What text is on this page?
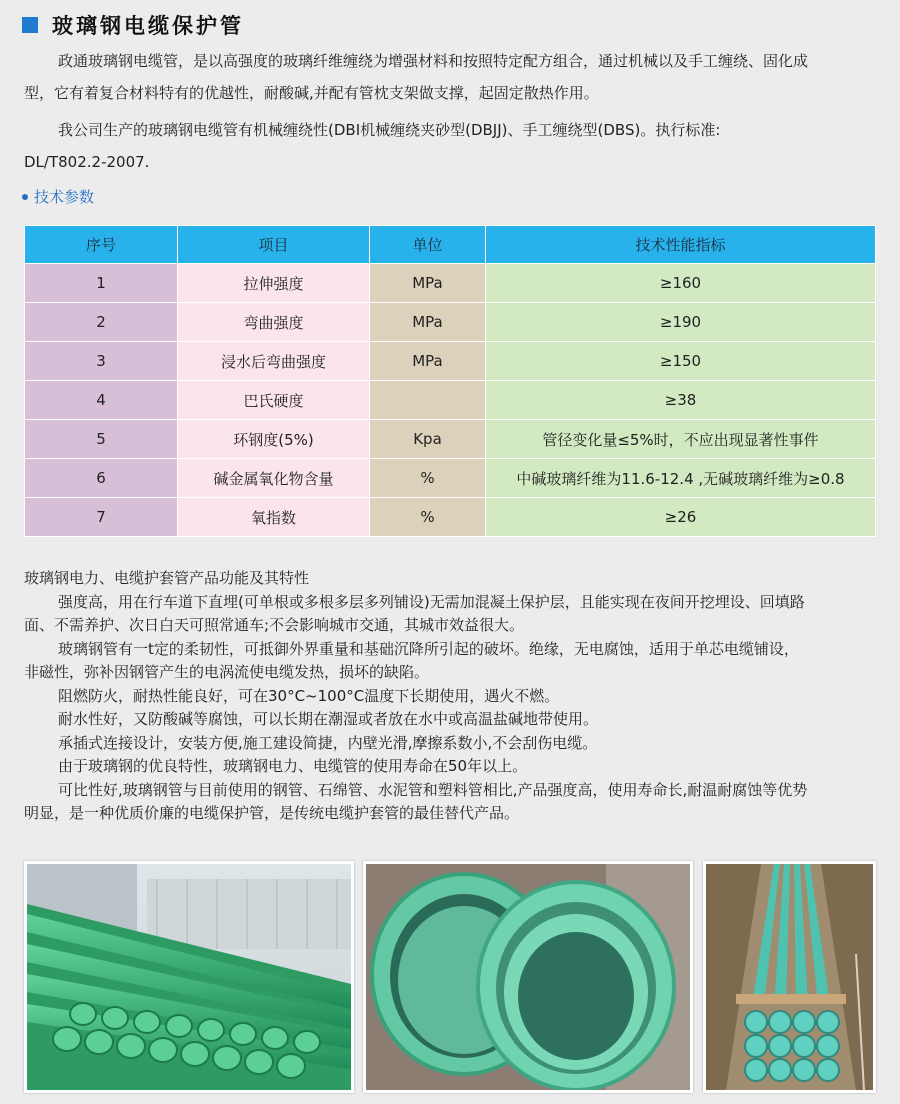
玻璃钢电缆保护管
政通玻璃钢电缆管，是以高强度的玻璃纤维缠绕为增强材料和按照特定配方组合，通过机械以及手工缠绕、固化成
型，它有着复合材料特有的优越性，耐酸碱,并配有管枕支架做支撑，起固定散热作用。
我公司生产的玻璃钢电缆管有机械缠绕性(DBI机械缠绕夹砂型(DBJJ)、手工缠绕型(DBS)。执行标准:
DL/T802.2-2007.
技术参数
序号	项目	单位	技术性能指标
1	拉伸强度	MPa	≥160
2	弯曲强度	MPa	≥190
3	浸水后弯曲强度	MPa	≥150
4	巴氏硬度		≥38
5	环钢度(5%)	Kpa	管径变化量≤5%时，不应出现显著性事件
6	碱金属氧化物含量	%	中碱玻璃纤维为11.6-12.4 ,无碱玻璃纤维为≥0.8
7	氧指数	%	≥26
玻璃钢电力、电缆护套管产品功能及其特性
强度高，用在行车道下直埋(可单根或多根多层多列铺设)无需加混凝土保护层，且能实现在夜间开挖埋设、回填路
面、不需养护、次日白天可照常通车;不会影响城市交通，其城市效益很大。
玻璃钢管有一t定的柔韧性，可抵御外界重量和基础沉降所引起的破坏。绝缘，无电腐蚀，适用于单芯电缆铺设，
非磁性，弥补因钢管产生的电涡流使电缆发热，损坏的缺陷。
阻燃防火，耐热性能良好，可在30°C~100°C温度下长期使用，遇火不燃。
耐水性好，又防酸碱等腐蚀，可以长期在潮湿或者放在水中或高温盐碱地带使用。
承插式连接设计，安装方便,施工建设简捷，内壁光滑,摩擦系数小,不会刮伤电缆。
由于玻璃钢的优良特性，玻璃钢电力、电缆管的使用寿命在50年以上。
可比性好,玻璃钢管与目前使用的钢管、石绵管、水泥管和塑料管相比,产品强度高，使用寿命长,耐温耐腐蚀等优势
明显，是一种优质价廉的电缆保护管，是传统电缆护套管的最佳替代产品。
